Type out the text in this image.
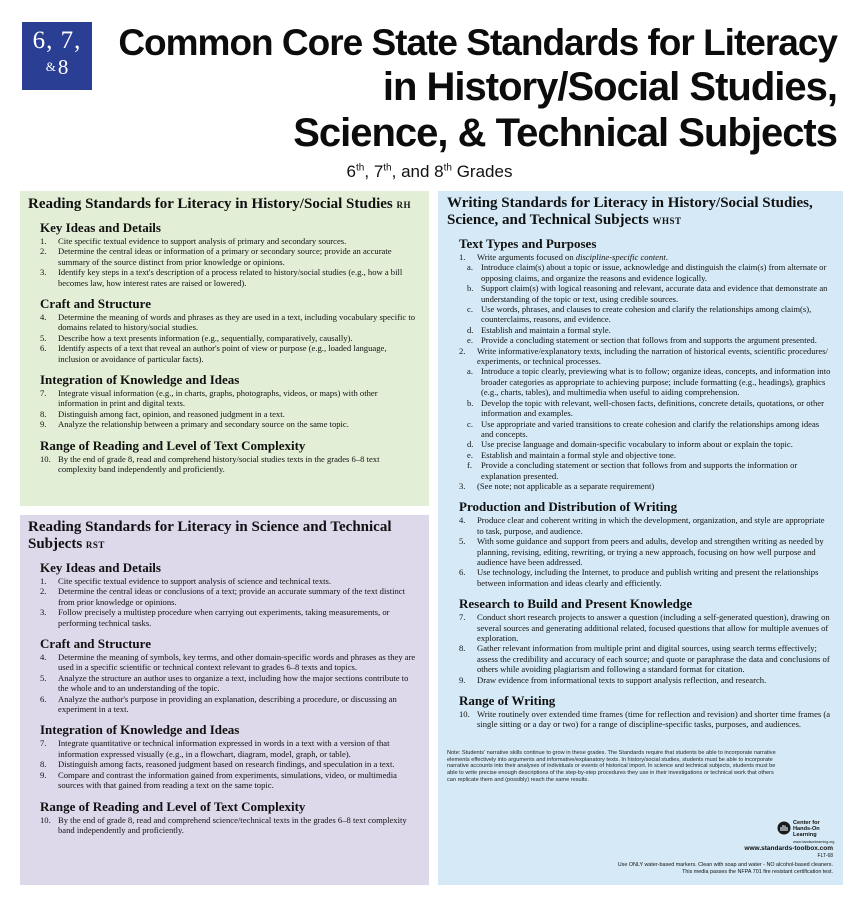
6, 7,
&8
Common Core State Standards for Literacy
in History/Social Studies,
Science, & Technical Subjects
6th, 7th, and 8th Grades
Reading Standards for Literacy in History/Social Studies RH
Key Ideas and Details
1. Cite specific textual evidence to support analysis of primary and secondary sources.
2. Determine the central ideas or information of a primary or secondary source; provide an accurate summary of the source distinct from prior knowledge or opinions.
3. Identify key steps in a text's description of a process related to history/social studies (e.g., how a bill becomes law, how interest rates are raised or lowered).
Craft and Structure
4. Determine the meaning of words and phrases as they are used in a text, including vocabulary specific to domains related to history/social studies.
5. Describe how a text presents information (e.g., sequentially, comparatively, causally).
6. Identify aspects of a text that reveal an author's point of view or purpose (e.g., loaded language, inclusion or avoidance of particular facts).
Integration of Knowledge and Ideas
7. Integrate visual information (e.g., in charts, graphs, photographs, videos, or maps) with other information in print and digital texts.
8. Distinguish among fact, opinion, and reasoned judgment in a text.
9. Analyze the relationship between a primary and secondary source on the same topic.
Range of Reading and Level of Text Complexity
10. By the end of grade 8, read and comprehend history/social studies texts in the grades 6–8 text complexity band independently and proficiently.
Reading Standards for Literacy in Science and Technical Subjects RST
Key Ideas and Details
1. Cite specific textual evidence to support analysis of science and technical texts.
2. Determine the central ideas or conclusions of a text; provide an accurate summary of the text distinct from prior knowledge or opinions.
3. Follow precisely a multistep procedure when carrying out experiments, taking measurements, or performing technical tasks.
Craft and Structure
4. Determine the meaning of symbols, key terms, and other domain-specific words and phrases as they are used in a specific scientific or technical context relevant to grades 6–8 texts and topics.
5. Analyze the structure an author uses to organize a text, including how the major sections contribute to the whole and to an understanding of the topic.
6. Analyze the author's purpose in providing an explanation, describing a procedure, or discussing an experiment in a text.
Integration of Knowledge and Ideas
7. Integrate quantitative or technical information expressed in words in a text with a version of that information expressed visually (e.g., in a flowchart, diagram, model, graph, or table).
8. Distinguish among facts, reasoned judgment based on research findings, and speculation in a text.
9. Compare and contrast the information gained from experiments, simulations, video, or multimedia sources with that gained from reading a text on the same topic.
Range of Reading and Level of Text Complexity
10. By the end of grade 8, read and comprehend science/technical texts in the grades 6–8 text complexity band independently and proficiently.
Writing Standards for Literacy in History/Social Studies, Science, and Technical Subjects WHST
Text Types and Purposes
1. Write arguments focused on discipline-specific content.
a. Introduce claim(s) about a topic or issue, acknowledge and distinguish the claim(s) from alternate or opposing claims, and organize the reasons and evidence logically.
b. Support claim(s) with logical reasoning and relevant, accurate data and evidence that demonstrate an understanding of the topic or text, using credible sources.
c. Use words, phrases, and clauses to create cohesion and clarify the relationships among claim(s), counterclaims, reasons, and evidence.
d. Establish and maintain a formal style.
e. Provide a concluding statement or section that follows from and supports the argument presented.
2. Write informative/explanatory texts, including the narration of historical events, scientific procedures/ experiments, or technical processes.
a. Introduce a topic clearly, previewing what is to follow; organize ideas, concepts, and information into broader categories as appropriate to achieving purpose; include formatting (e.g., headings), graphics (e.g., charts, tables), and multimedia when useful to aiding comprehension.
b. Develop the topic with relevant, well-chosen facts, definitions, concrete details, quotations, or other information and examples.
c. Use appropriate and varied transitions to create cohesion and clarify the relationships among ideas and concepts.
d. Use precise language and domain-specific vocabulary to inform about or explain the topic.
e. Establish and maintain a formal style and objective tone.
f. Provide a concluding statement or section that follows from and supports the information or explanation presented.
3. (See note; not applicable as a separate requirement)
Production and Distribution of Writing
4. Produce clear and coherent writing in which the development, organization, and style are appropriate to task, purpose, and audience.
5. With some guidance and support from peers and adults, develop and strengthen writing as needed by planning, revising, editing, rewriting, or trying a new approach, focusing on how well purpose and audience have been addressed.
6. Use technology, including the Internet, to produce and publish writing and present the relationships between information and ideas clearly and efficiently.
Research to Build and Present Knowledge
7. Conduct short research projects to answer a question (including a self-generated question), drawing on several sources and generating additional related, focused questions that allow for multiple avenues of exploration.
8. Gather relevant information from multiple print and digital sources, using search terms effectively; assess the credibility and accuracy of each source; and quote or paraphrase the data and conclusions of others while avoiding plagiarism and following a standard format for citation.
9. Draw evidence from informational texts to support analysis reflection, and research.
Range of Writing
10. Write routinely over extended time frames (time for reflection and revision) and shorter time frames (a single sitting or a day or two) for a range of discipline-specific tasks, purposes, and audiences.
Note: Students' narrative skills continue to grow in these grades. The Standards require that students be able to incorporate narrative elements effectively into arguments and informative/explanatory texts. In history/social studies, students must be able to incorporate narrative accounts into their analyses of individuals or events of historical import. In science and technical subjects, students must be able to write precise enough descriptions of the step-by-step procedures they use in their investigations or technical work that others can replicate them and (possibly) reach the same results.
Center for
Hands-On Learning
www.handsonlearning.org
www.standards-toolbox.com
FLT-68
Use ONLY water-based markers. Clean with soap and water - NO alcohol-based cleaners.
This media passes the NFPA 701 fire resistant certification test.
